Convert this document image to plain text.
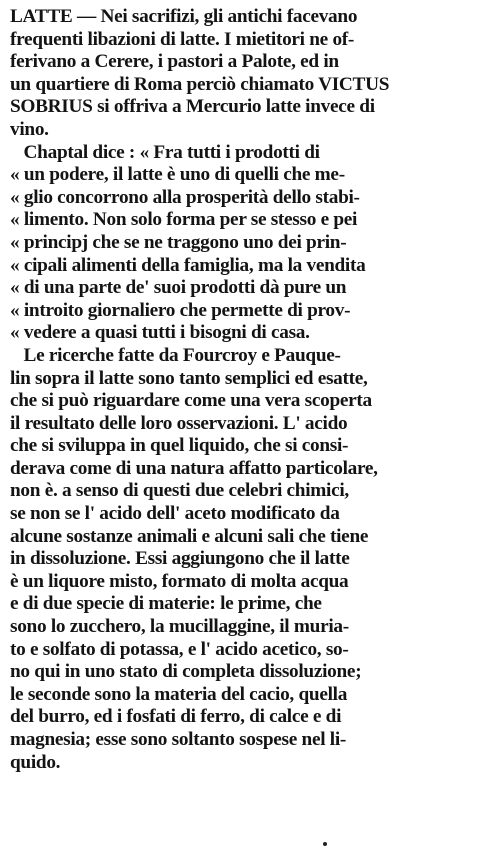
LATTE — Nei sacrifizi, gli antichi facevano
frequenti libazioni di latte. I mietitori ne of-
ferivano a Cerere, i pastori a Palote, ed in
un quartiere di Roma perciò chiamato VICTUS
SOBRIUS si offriva a Mercurio latte invece di
vino.
Chaptal dice : « Fra tutti i prodotti di
« un podere, il latte è uno di quelli che me-
« glio concorrono alla prosperità dello stabi-
« limento. Non solo forma per se stesso e pei
« principj che se ne traggono uno dei prin-
« cipali alimenti della famiglia, ma la vendita
« di una parte de' suoi prodotti dà pure un
« introito giornaliero che permette di prov-
« vedere a quasi tutti i bisogni di casa.
Le ricerche fatte da Fourcroy e Pauque-
lin sopra il latte sono tanto semplici ed esatte,
che si può riguardare come una vera scoperta
il resultato delle loro osservazioni. L' acido
che si sviluppa in quel liquido, che si consi-
derava come di una natura affatto particolare,
non è. a senso di questi due celebri chimici,
se non se l' acido dell' aceto modificato da
alcune sostanze animali e alcuni sali che tiene
in dissoluzione. Essi aggiungono che il latte
è un liquore misto, formato di molta acqua
e di due specie di materie: le prime, che
sono lo zucchero, la mucillaggine, il muria-
to e solfato di potassa, e l' acido acetico, so-
no qui in uno stato di completa dissoluzione;
le seconde sono la materia del cacio, quella
del burro, ed i fosfati di ferro, di calce e di
magnesia; esse sono soltanto sospese nel li-
quido.
